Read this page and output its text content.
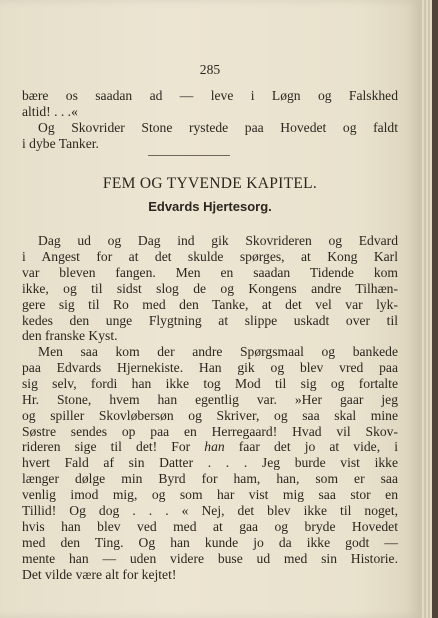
285
bære os saadan ad — leve i Løgn og Falskhed
altid! . . .«
Og Skovrider Stone rystede paa Hovedet og faldt
i dybe Tanker.
FEM OG TYVENDE KAPITEL.
Edvards Hjertesorg.
Dag ud og Dag ind gik Skovrideren og Edvard
i Angest for at det skulde spørges, at Kong Karl
var bleven fangen. Men en saadan Tidende kom
ikke, og til sidst slog de og Kongens andre Tilhæn-
gere sig til Ro med den Tanke, at det vel var lyk-
kedes den unge Flygtning at slippe uskadt over til
den franske Kyst.
Men saa kom der andre Spørgsmaal og bankede
paa Edvards Hjernekiste. Han gik og blev vred paa
sig selv, fordi han ikke tog Mod til sig og fortalte
Hr. Stone, hvem han egentlig var. »Her gaar jeg
og spiller Skovløbersøn og Skriver, og saa skal mine
Søstre sendes op paa en Herregaard! Hvad vil Skov-
rideren sige til det! For han faar det jo at vide, i
hvert Fald af sin Datter . . . Jeg burde vist ikke
længer dølge min Byrd for ham, han, som er saa
venlig imod mig, og som har vist mig saa stor en
Tillid! Og dog . . . « Nej, det blev ikke til noget,
hvis han blev ved med at gaa og bryde Hovedet
med den Ting. Og han kunde jo da ikke godt —
mente han — uden videre buse ud med sin Historie.
Det vilde være alt for kejtet!
